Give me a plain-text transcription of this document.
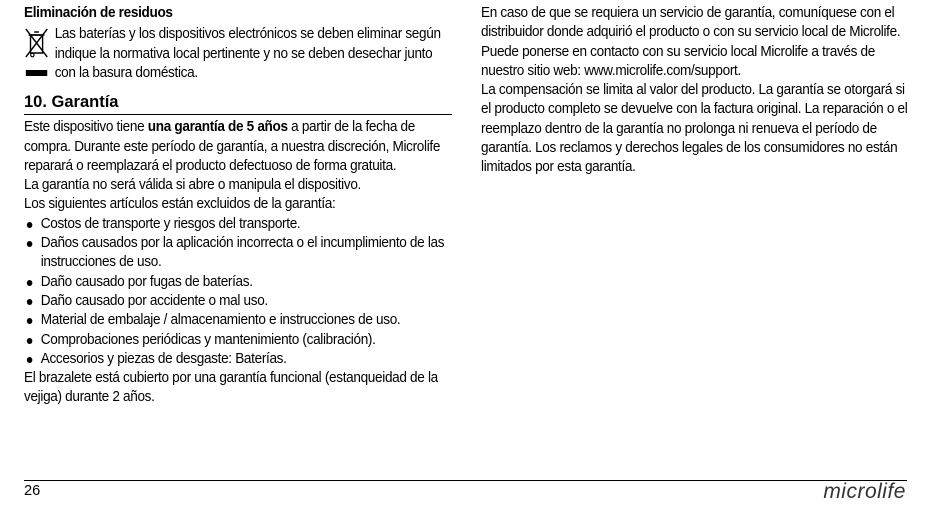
Eliminación de residuos

Las baterías y los dispositivos electrónicos se deben eliminar según indique la normativa local pertinente y no se deben desechar junto con la basura doméstica.

10. Garantía

Este dispositivo tiene una garantía de 5 años a partir de la fecha de compra. Durante este período de garantía, a nuestra discreción, Microlife reparará o reemplazará el producto defectuoso de forma gratuita.

La garantía no será válida si abre o manipula el dispositivo.

Los siguientes artículos están excluidos de la garantía:

Costos de transporte y riesgos del transporte.
Daños causados por la aplicación incorrecta o el incumplimiento de las instrucciones de uso.
Daño causado por fugas de baterías.
Daño causado por accidente o mal uso.
Material de embalaje / almacenamiento e instrucciones de uso.
Comprobaciones periódicas y mantenimiento (calibración).
Accesorios y piezas de desgaste: Baterías.

El brazalete está cubierto por una garantía funcional (estanqueidad de la vejiga) durante 2 años.

En caso de que se requiera un servicio de garantía, comuníquese con el distribuidor donde adquirió el producto o con su servicio local de Microlife. Puede ponerse en contacto con su servicio local Microlife a través de nuestro sitio web: www.microlife.com/support.

La compensación se limita al valor del producto. La garantía se otorgará si el producto completo se devuelve con la factura original. La reparación o el reemplazo dentro de la garantía no prolonga ni renueva el período de garantía. Los reclamos y derechos legales de los consumidores no están limitados por esta garantía.

26	microlife
